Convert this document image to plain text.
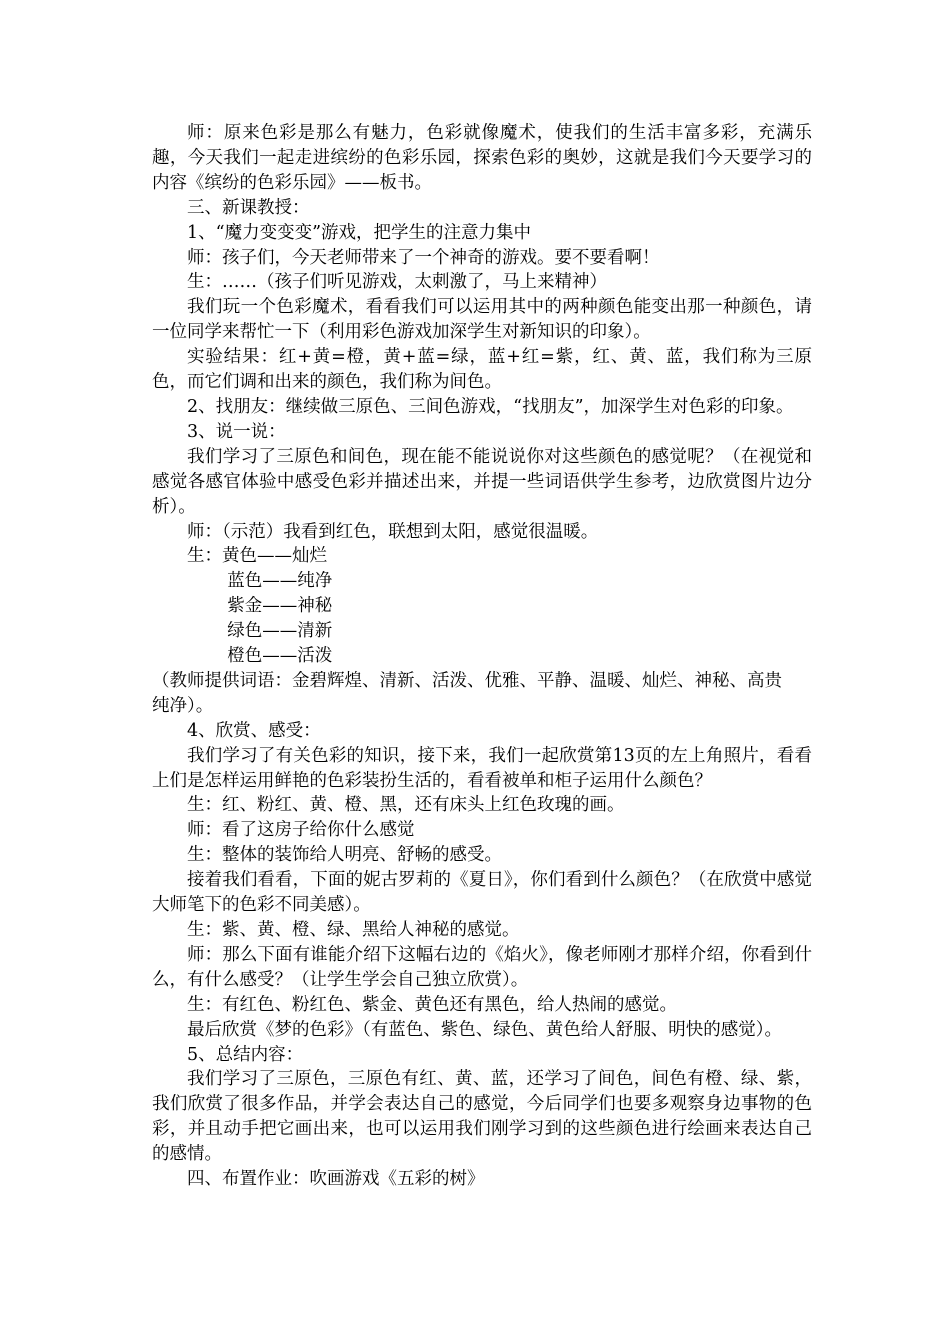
师：原来色彩是那么有魅力，色彩就像魔术，使我们的生活丰富多彩，充满乐趣，今天我们一起走进缤纷的色彩乐园，探索色彩的奥妙，这就是我们今天要学习的内容《缤纷的色彩乐园》——板书。

三、新课教授：

1、“魔力变变变”游戏，把学生的注意力集中

师：孩子们，今天老师带来了一个神奇的游戏。要不要看啊！

生：……（孩子们听见游戏，太刺激了，马上来精神）

我们玩一个色彩魔术，看看我们可以运用其中的两种颜色能变出那一种颜色，请一位同学来帮忙一下（利用彩色游戏加深学生对新知识的印象）。

实验结果：红+黄=橙，黄+蓝=绿，蓝+红=紫，红、黄、蓝，我们称为三原色，而它们调和出来的颜色，我们称为间色。

2、找朋友：继续做三原色、三间色游戏，“找朋友”，加深学生对色彩的印象。

3、说一说：

我们学习了三原色和间色，现在能不能说说你对这些颜色的感觉呢？（在视觉和感觉各感官体验中感受色彩并描述出来，并提一些词语供学生参考，边欣赏图片边分析）。

师：（示范）我看到红色，联想到太阳，感觉很温暖。

生：黄色——灿烂

蓝色——纯净

紫金——神秘

绿色——清新

橙色——活泼

（教师提供词语：金碧辉煌、清新、活泼、优雅、平静、温暖、灿烂、神秘、高贵

纯净）。

4、欣赏、感受：

我们学习了有关色彩的知识，接下来，我们一起欣赏第13页的左上角照片，看看上们是怎样运用鲜艳的色彩装扮生活的，看看被单和柜子运用什么颜色？

生：红、粉红、黄、橙、黑，还有床头上红色玫瑰的画。

师：看了这房子给你什么感觉

生：整体的装饰给人明亮、舒畅的感受。

接着我们看看，下面的妮古罗莉的《夏日》，你们看到什么颜色？（在欣赏中感觉大师笔下的色彩不同美感）。

生：紫、黄、橙、绿、黑给人神秘的感觉。

师：那么下面有谁能介绍下这幅右边的《焰火》，像老师刚才那样介绍，你看到什么，有什么感受？（让学生学会自己独立欣赏）。

生：有红色、粉红色、紫金、黄色还有黑色，给人热闹的感觉。

最后欣赏《梦的色彩》（有蓝色、紫色、绿色、黄色给人舒服、明快的感觉）。

5、总结内容：

我们学习了三原色，三原色有红、黄、蓝，还学习了间色，间色有橙、绿、紫，我们欣赏了很多作品，并学会表达自己的感觉，今后同学们也要多观察身边事物的色彩，并且动手把它画出来，也可以运用我们刚学习到的这些颜色进行绘画来表达自己的感情。

四、布置作业：吹画游戏《五彩的树》
